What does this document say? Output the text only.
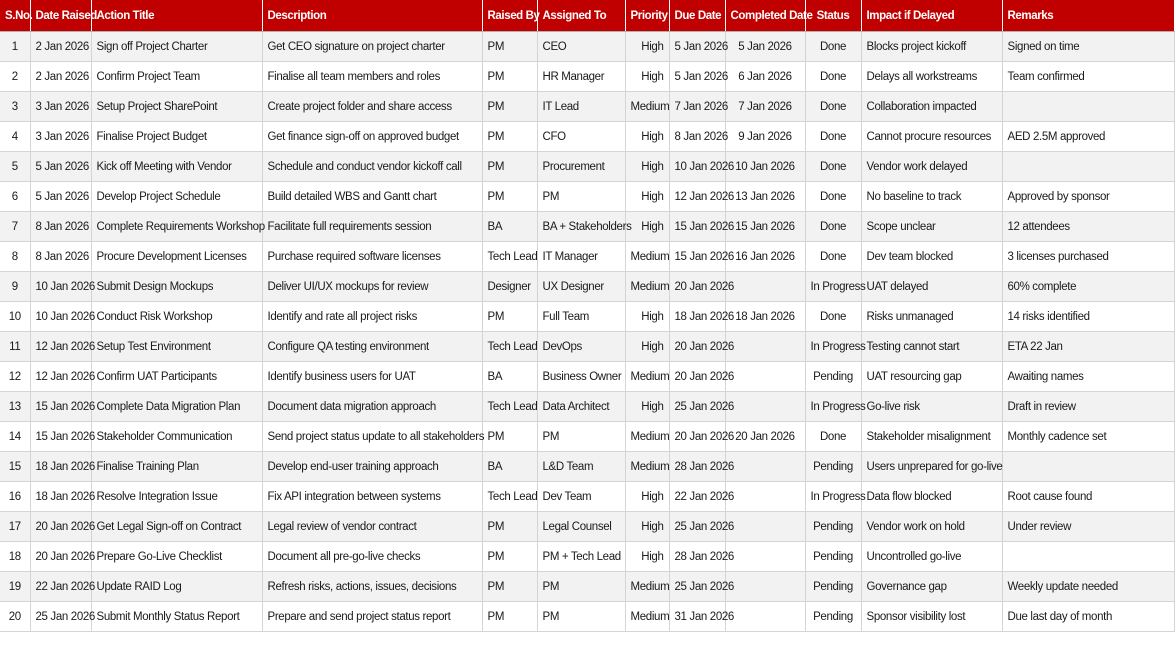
S.No.	Date Raised	Action Title	Description	Raised By	Assigned To	Priority	Due Date	Completed Date	Status	Impact if Delayed	Remarks
1	2 Jan 2026	Sign off Project Charter	Get CEO signature on project charter	PM	CEO	High	5 Jan 2026	5 Jan 2026	Done	Blocks project kickoff	Signed on time
2	2 Jan 2026	Confirm Project Team	Finalise all team members and roles	PM	HR Manager	High	5 Jan 2026	6 Jan 2026	Done	Delays all workstreams	Team confirmed
3	3 Jan 2026	Setup Project SharePoint	Create project folder and share access	PM	IT Lead	Medium	7 Jan 2026	7 Jan 2026	Done	Collaboration impacted	
4	3 Jan 2026	Finalise Project Budget	Get finance sign-off on approved budget	PM	CFO	High	8 Jan 2026	9 Jan 2026	Done	Cannot procure resources	AED 2.5M approved
5	5 Jan 2026	Kick off Meeting with Vendor	Schedule and conduct vendor kickoff call	PM	Procurement	High	10 Jan 2026	10 Jan 2026	Done	Vendor work delayed	
6	5 Jan 2026	Develop Project Schedule	Build detailed WBS and Gantt chart	PM	PM	High	12 Jan 2026	13 Jan 2026	Done	No baseline to track	Approved by sponsor
7	8 Jan 2026	Complete Requirements Workshop	Facilitate full requirements session	BA	BA + Stakeholders	High	15 Jan 2026	15 Jan 2026	Done	Scope unclear	12 attendees
8	8 Jan 2026	Procure Development Licenses	Purchase required software licenses	Tech Lead	IT Manager	Medium	15 Jan 2026	16 Jan 2026	Done	Dev team blocked	3 licenses purchased
9	10 Jan 2026	Submit Design Mockups	Deliver UI/UX mockups for review	Designer	UX Designer	Medium	20 Jan 2026		In Progress	UAT delayed	60% complete
10	10 Jan 2026	Conduct Risk Workshop	Identify and rate all project risks	PM	Full Team	High	18 Jan 2026	18 Jan 2026	Done	Risks unmanaged	14 risks identified
11	12 Jan 2026	Setup Test Environment	Configure QA testing environment	Tech Lead	DevOps	High	20 Jan 2026		In Progress	Testing cannot start	ETA 22 Jan
12	12 Jan 2026	Confirm UAT Participants	Identify business users for UAT	BA	Business Owner	Medium	20 Jan 2026		Pending	UAT resourcing gap	Awaiting names
13	15 Jan 2026	Complete Data Migration Plan	Document data migration approach	Tech Lead	Data Architect	High	25 Jan 2026		In Progress	Go-live risk	Draft in review
14	15 Jan 2026	Stakeholder Communication	Send project status update to all stakeholders	PM	PM	Medium	20 Jan 2026	20 Jan 2026	Done	Stakeholder misalignment	Monthly cadence set
15	18 Jan 2026	Finalise Training Plan	Develop end-user training approach	BA	L&D Team	Medium	28 Jan 2026		Pending	Users unprepared for go-live	
16	18 Jan 2026	Resolve Integration Issue	Fix API integration between systems	Tech Lead	Dev Team	High	22 Jan 2026		In Progress	Data flow blocked	Root cause found
17	20 Jan 2026	Get Legal Sign-off on Contract	Legal review of vendor contract	PM	Legal Counsel	High	25 Jan 2026		Pending	Vendor work on hold	Under review
18	20 Jan 2026	Prepare Go-Live Checklist	Document all pre-go-live checks	PM	PM + Tech Lead	High	28 Jan 2026		Pending	Uncontrolled go-live	
19	22 Jan 2026	Update RAID Log	Refresh risks, actions, issues, decisions	PM	PM	Medium	25 Jan 2026		Pending	Governance gap	Weekly update needed
20	25 Jan 2026	Submit Monthly Status Report	Prepare and send project status report	PM	PM	Medium	31 Jan 2026		Pending	Sponsor visibility lost	Due last day of month
